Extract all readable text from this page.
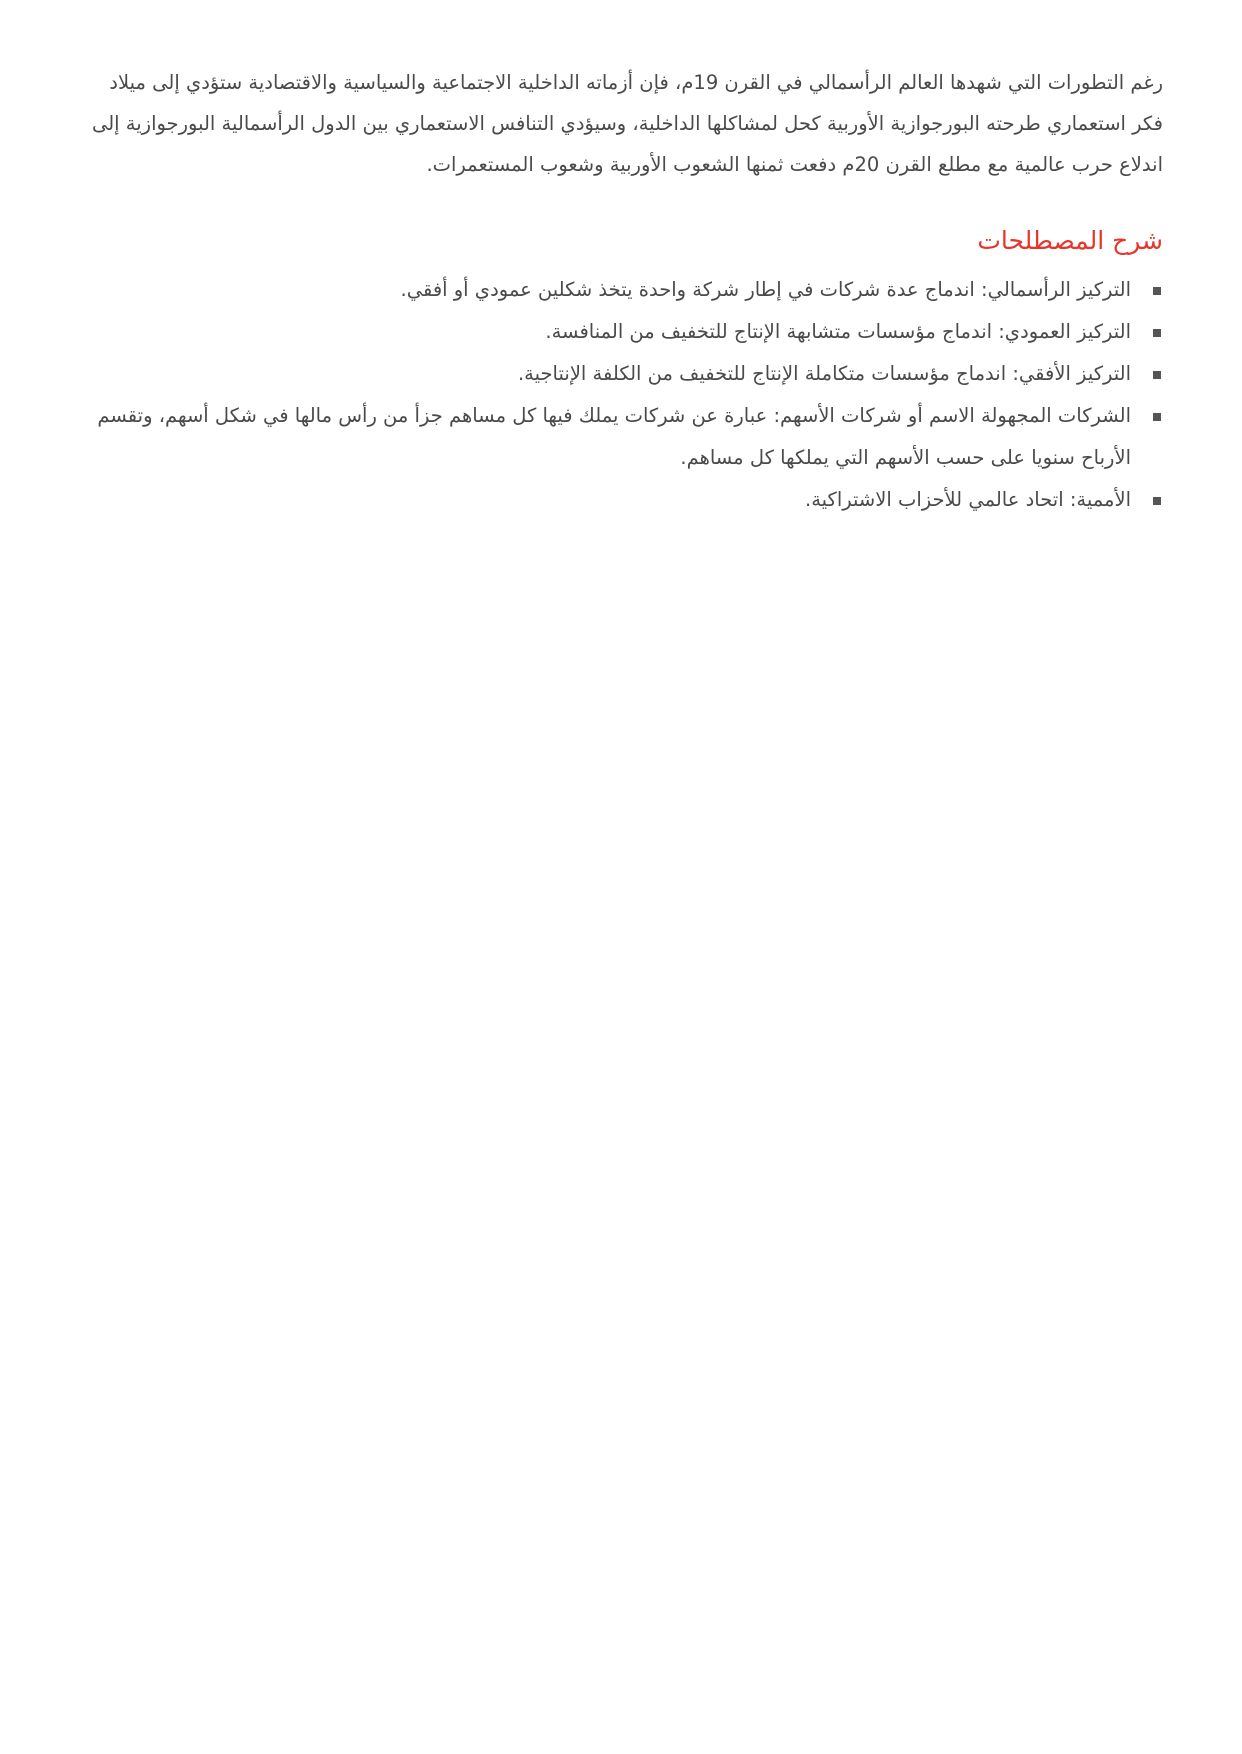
رغم التطورات التي شهدها العالم الرأسمالي في القرن 19م، فإن أزماته الداخلية الاجتماعية والسياسية والاقتصادية ستؤدي إلى ميلاد فكر استعماري طرحته البورجوازية الأوربية كحل لمشاكلها الداخلية، وسيؤدي التنافس الاستعماري بين الدول الرأسمالية البورجوازية إلى اندلاع حرب عالمية مع مطلع القرن 20م دفعت ثمنها الشعوب الأوربية وشعوب المستعمرات.

شرح المصطلحات
التركيز الرأسمالي: اندماج عدة شركات في إطار شركة واحدة يتخذ شكلين عمودي أو أفقي.
التركيز العمودي: اندماج مؤسسات متشابهة الإنتاج للتخفيف من المنافسة.
التركيز الأفقي: اندماج مؤسسات متكاملة الإنتاج للتخفيف من الكلفة الإنتاجية.
الشركات المجهولة الاسم أو شركات الأسهم: عبارة عن شركات يملك فيها كل مساهم جزأ من رأس مالها في شكل أسهم، وتقسم الأرباح سنويا على حسب الأسهم التي يملكها كل مساهم.
الأممية: اتحاد عالمي للأحزاب الاشتراكية.
